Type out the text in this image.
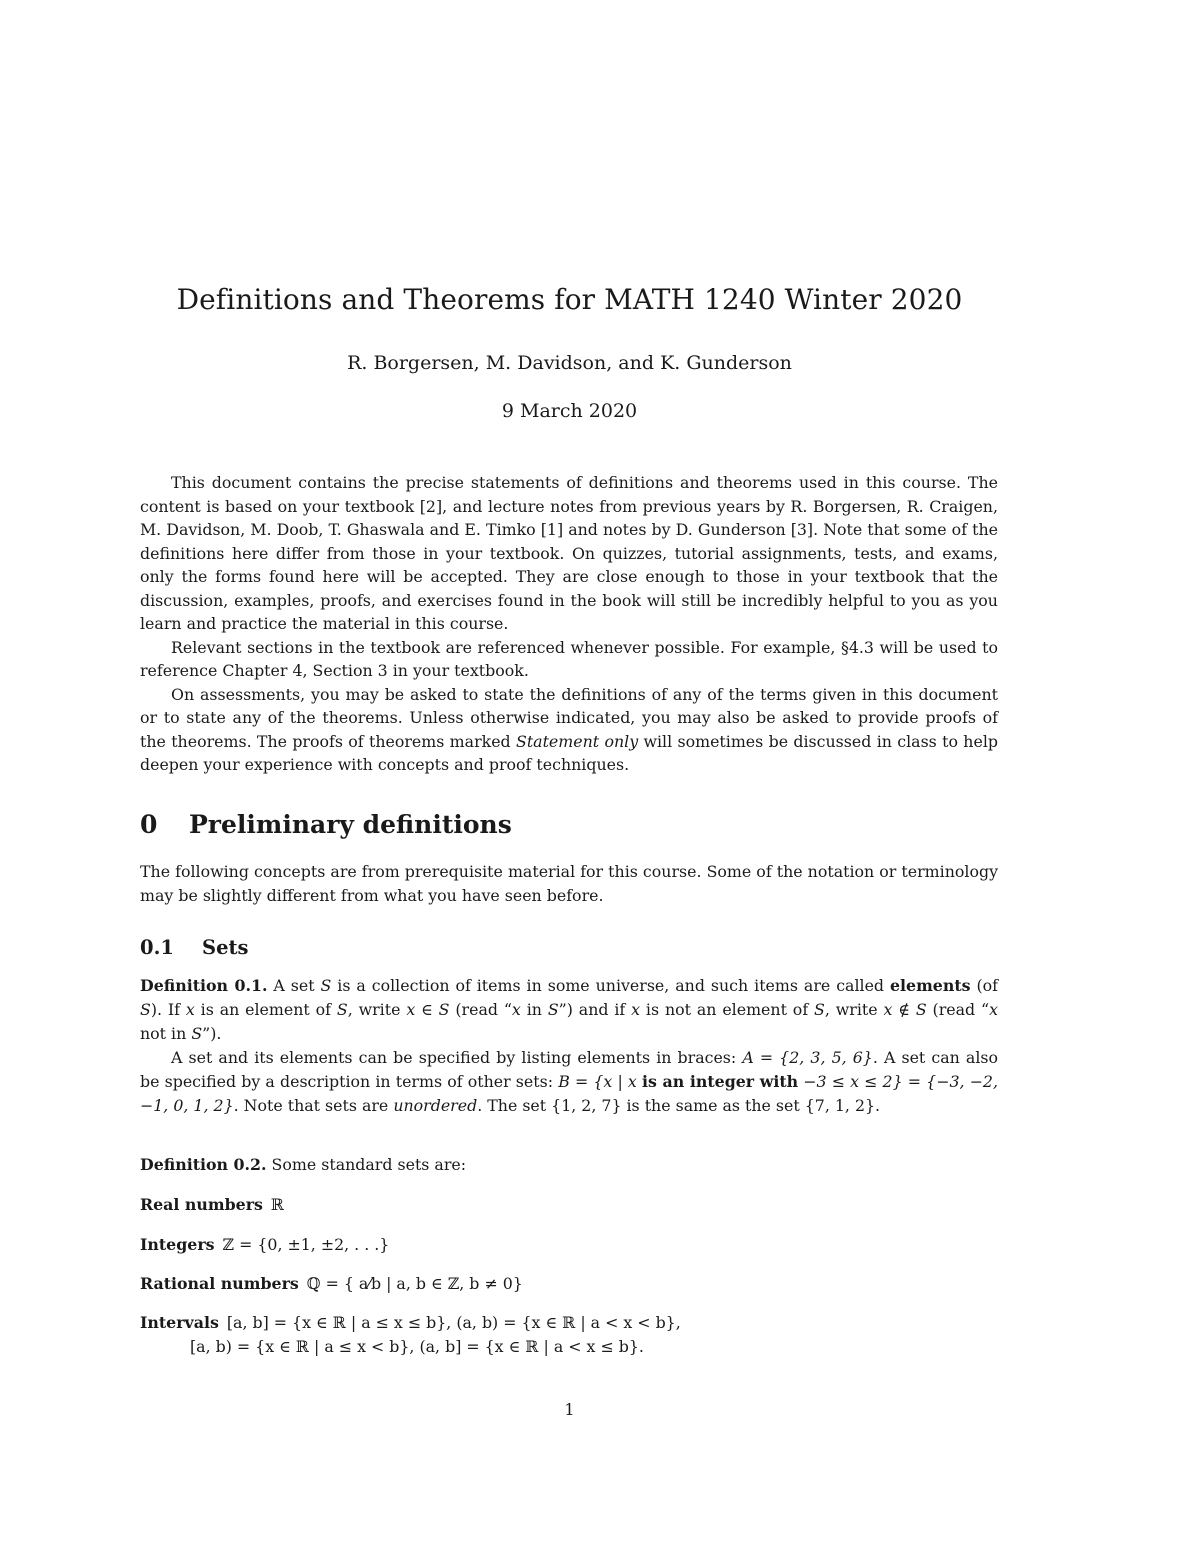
Definitions and Theorems for MATH 1240 Winter 2020

R. Borgersen, M. Davidson, and K. Gunderson

9 March 2020

This document contains the precise statements of definitions and theorems used in this course. The content is based on your textbook [2], and lecture notes from previous years by R. Borgersen, R. Craigen, M. Davidson, M. Doob, T. Ghaswala and E. Timko [1] and notes by D. Gunderson [3]. Note that some of the definitions here differ from those in your textbook. On quizzes, tutorial assignments, tests, and exams, only the forms found here will be accepted. They are close enough to those in your textbook that the discussion, examples, proofs, and exercises found in the book will still be incredibly helpful to you as you learn and practice the material in this course.

Relevant sections in the textbook are referenced whenever possible. For example, §4.3 will be used to reference Chapter 4, Section 3 in your textbook.

On assessments, you may be asked to state the definitions of any of the terms given in this document or to state any of the theorems. Unless otherwise indicated, you may also be asked to provide proofs of the theorems. The proofs of theorems marked Statement only will sometimes be discussed in class to help deepen your experience with concepts and proof techniques.

0 Preliminary definitions

The following concepts are from prerequisite material for this course. Some of the notation or terminology may be slightly different from what you have seen before.

0.1 Sets

Definition 0.1. A set S is a collection of items in some universe, and such items are called elements (of S). If x is an element of S, write x ∈ S (read “x in S”) and if x is not an element of S, write x ∉ S (read “x not in S”).

A set and its elements can be specified by listing elements in braces: A = {2, 3, 5, 6}. A set can also be specified by a description in terms of other sets: B = {x | x is an integer with −3 ≤ x ≤ 2} = {−3, −2, −1, 0, 1, 2}. Note that sets are unordered. The set {1, 2, 7} is the same as the set {7, 1, 2}.

Definition 0.2. Some standard sets are:

Real numbers ℝ

Integers ℤ = {0, ±1, ±2, . . .}

Rational numbers ℚ = { a⁄b | a, b ∈ ℤ, b ≠ 0}

Intervals [a, b] = {x ∈ ℝ | a ≤ x ≤ b}, (a, b) = {x ∈ ℝ | a < x < b},

[a, b) = {x ∈ ℝ | a ≤ x < b}, (a, b] = {x ∈ ℝ | a < x ≤ b}.

1
